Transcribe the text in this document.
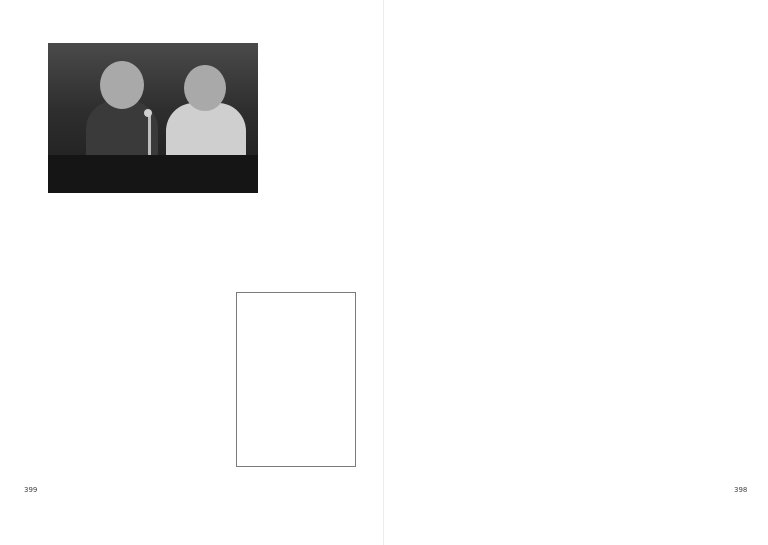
399	398
